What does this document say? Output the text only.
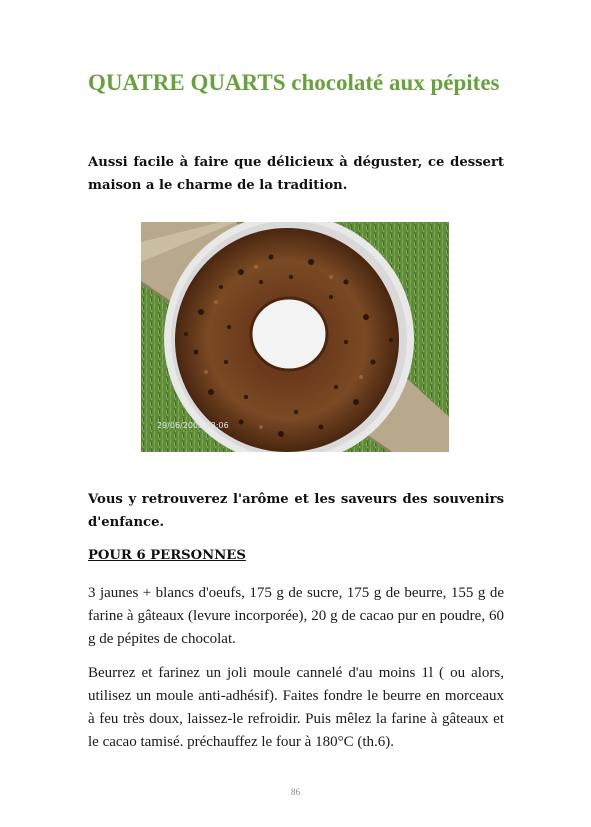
QUATRE QUARTS chocolaté aux pépites

Aussi facile à faire que délicieux à déguster, ce dessert maison a le charme de la tradition.

29/06/2008 13:06

Vous y retrouverez l'arôme et les saveurs des souvenirs d'enfance.

POUR 6 PERSONNES

3 jaunes + blancs d'oeufs, 175 g de sucre, 175 g de beurre, 155 g de farine à gâteaux (levure incorporée), 20 g de cacao pur en poudre, 60 g de pépites de chocolat.

Beurrez et farinez un joli moule cannelé d'au moins 1l ( ou alors, utilisez un moule anti-adhésif). Faites fondre le beurre en morceaux à feu très doux, laissez-le refroidir. Puis mêlez la farine à gâteaux et le cacao tamisé. préchauffez le four à 180°C (th.6).

86
